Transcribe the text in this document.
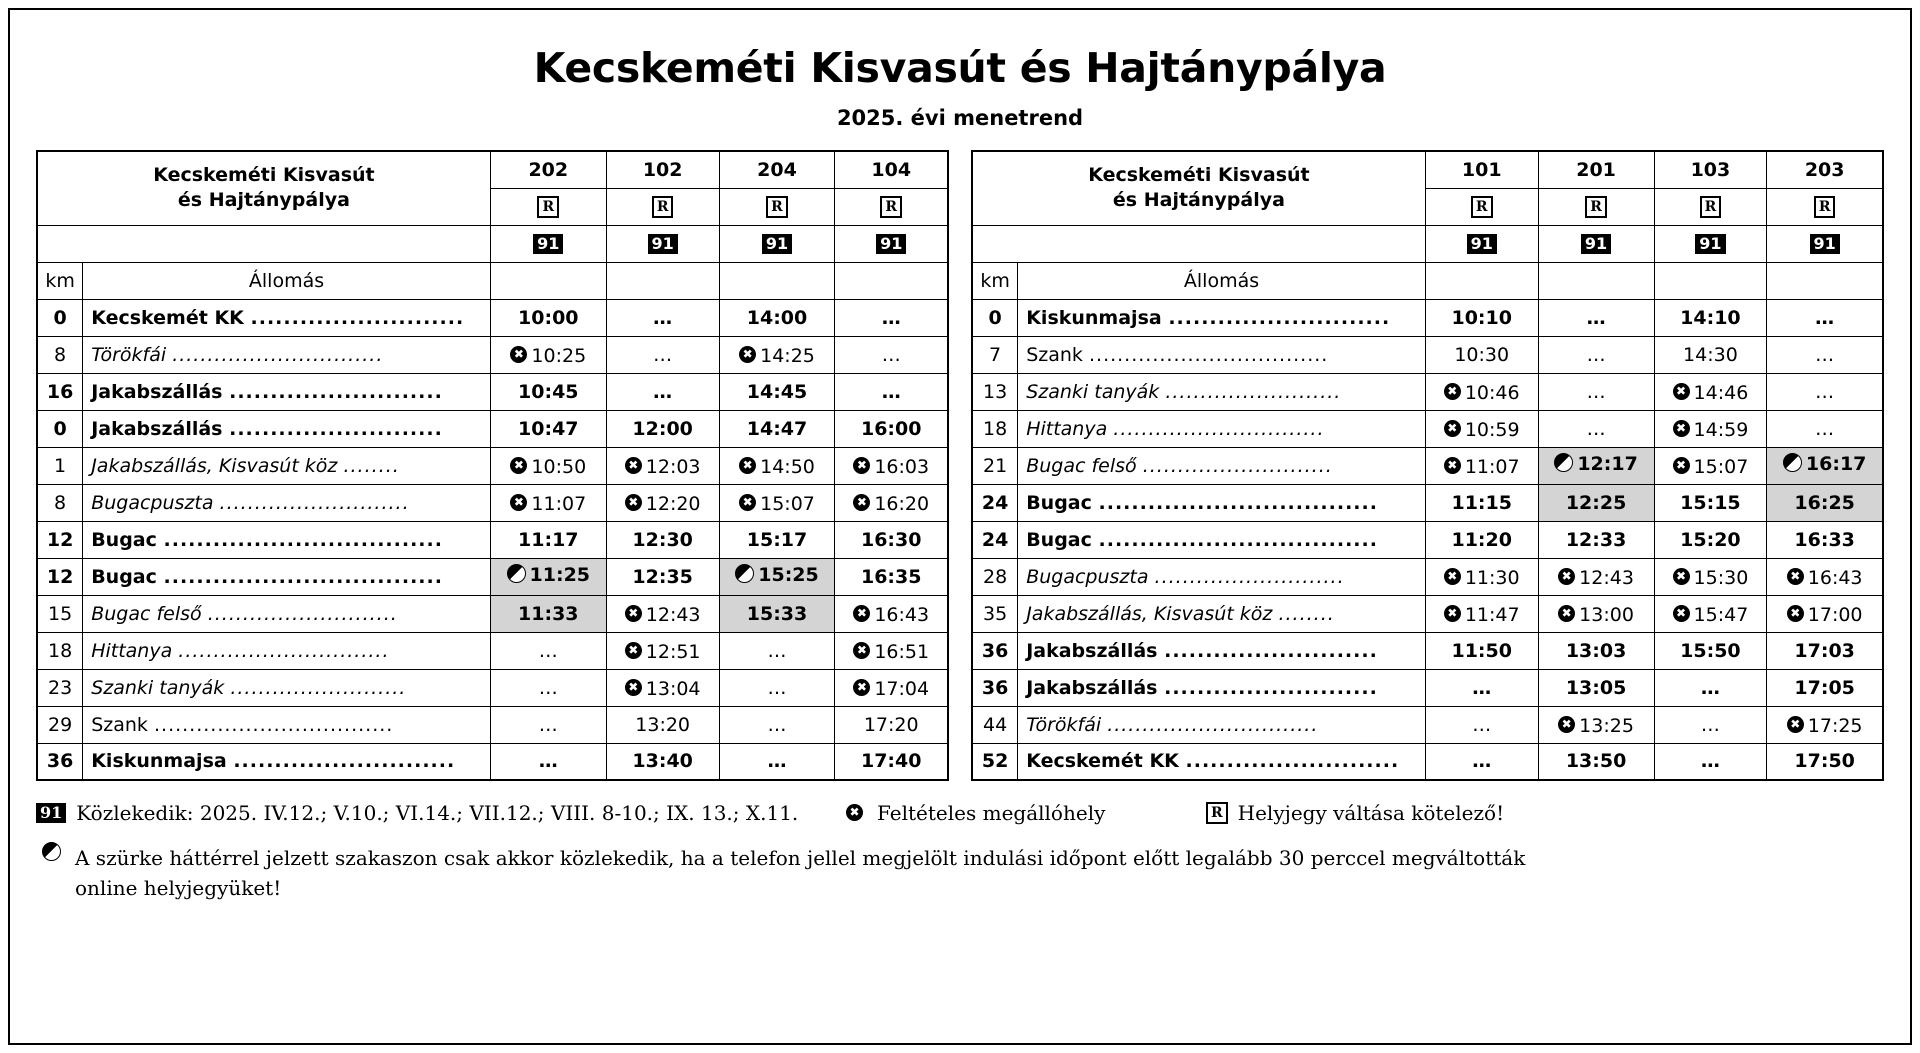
Kecskeméti Kisvasút és Hajtánypálya
2025. évi menetrend
Kecskeméti Kisvasút
és Hajtánypálya		202	102	204	104
		R	R	R	R
		91	91	91	91
km	Állomás				
0	Kecskemét KK ..........................	10:00	…	14:00	…
8	Törökfái ..............................	✖ 10:25	…	✖ 14:25	…
16	Jakabszállás ..........................	10:45	…	14:45	…
0	Jakabszállás ..........................	10:47	12:00	14:47	16:00
1	Jakabszállás, Kisvasút köz ........	✖ 10:50	✖ 12:03	✖ 14:50	✖ 16:03
8	Bugacpuszta ...........................	✖ 11:07	✖ 12:20	✖ 15:07	✖ 16:20
12	Bugac ..................................	11:17	12:30	15:17	16:30
12	Bugac ..................................	11:25	12:35	15:25	16:35
15	Bugac felső ...........................	11:33	✖ 12:43	15:33	✖ 16:43
18	Hittanya ..............................	…	✖ 12:51	…	✖ 16:51
23	Szanki tanyák .........................	…	✖ 13:04	…	✖ 17:04
29	Szank ..................................	…	13:20	…	17:20
36	Kiskunmajsa ...........................	…	13:40	…	17:40
Kecskeméti Kisvasút
és Hajtánypálya		101	201	103	203
		R	R	R	R
		91	91	91	91
km	Állomás				
0	Kiskunmajsa ...........................	10:10	…	14:10	…
7	Szank ..................................	10:30	…	14:30	…
13	Szanki tanyák .........................	✖ 10:46	…	✖ 14:46	…
18	Hittanya ..............................	✖ 10:59	…	✖ 14:59	…
21	Bugac felső ...........................	✖ 11:07	12:17	✖ 15:07	16:17
24	Bugac ..................................	11:15	12:25	15:15	16:25
24	Bugac ..................................	11:20	12:33	15:20	16:33
28	Bugacpuszta ...........................	✖ 11:30	✖ 12:43	✖ 15:30	✖ 16:43
35	Jakabszállás, Kisvasút köz ........	✖ 11:47	✖ 13:00	✖ 15:47	✖ 17:00
36	Jakabszállás ..........................	11:50	13:03	15:50	17:03
36	Jakabszállás ..........................	…	13:05	…	17:05
44	Törökfái ..............................	…	✖ 13:25	…	✖ 17:25
52	Kecskemét KK ..........................	…	13:50	…	17:50
91 Közlekedik: 2025. IV.12.; V.10.; VI.14.; VII.12.; VIII. 8-10.; IX. 13.; X.11.	✖ Feltételes megállóhely	R Helyjegy váltása kötelező!
A szürke háttérrel jelzett szakaszon csak akkor közlekedik, ha a telefon jellel megjelölt indulási időpont előtt legalább 30 perccel megváltották online helyjegyüket!
